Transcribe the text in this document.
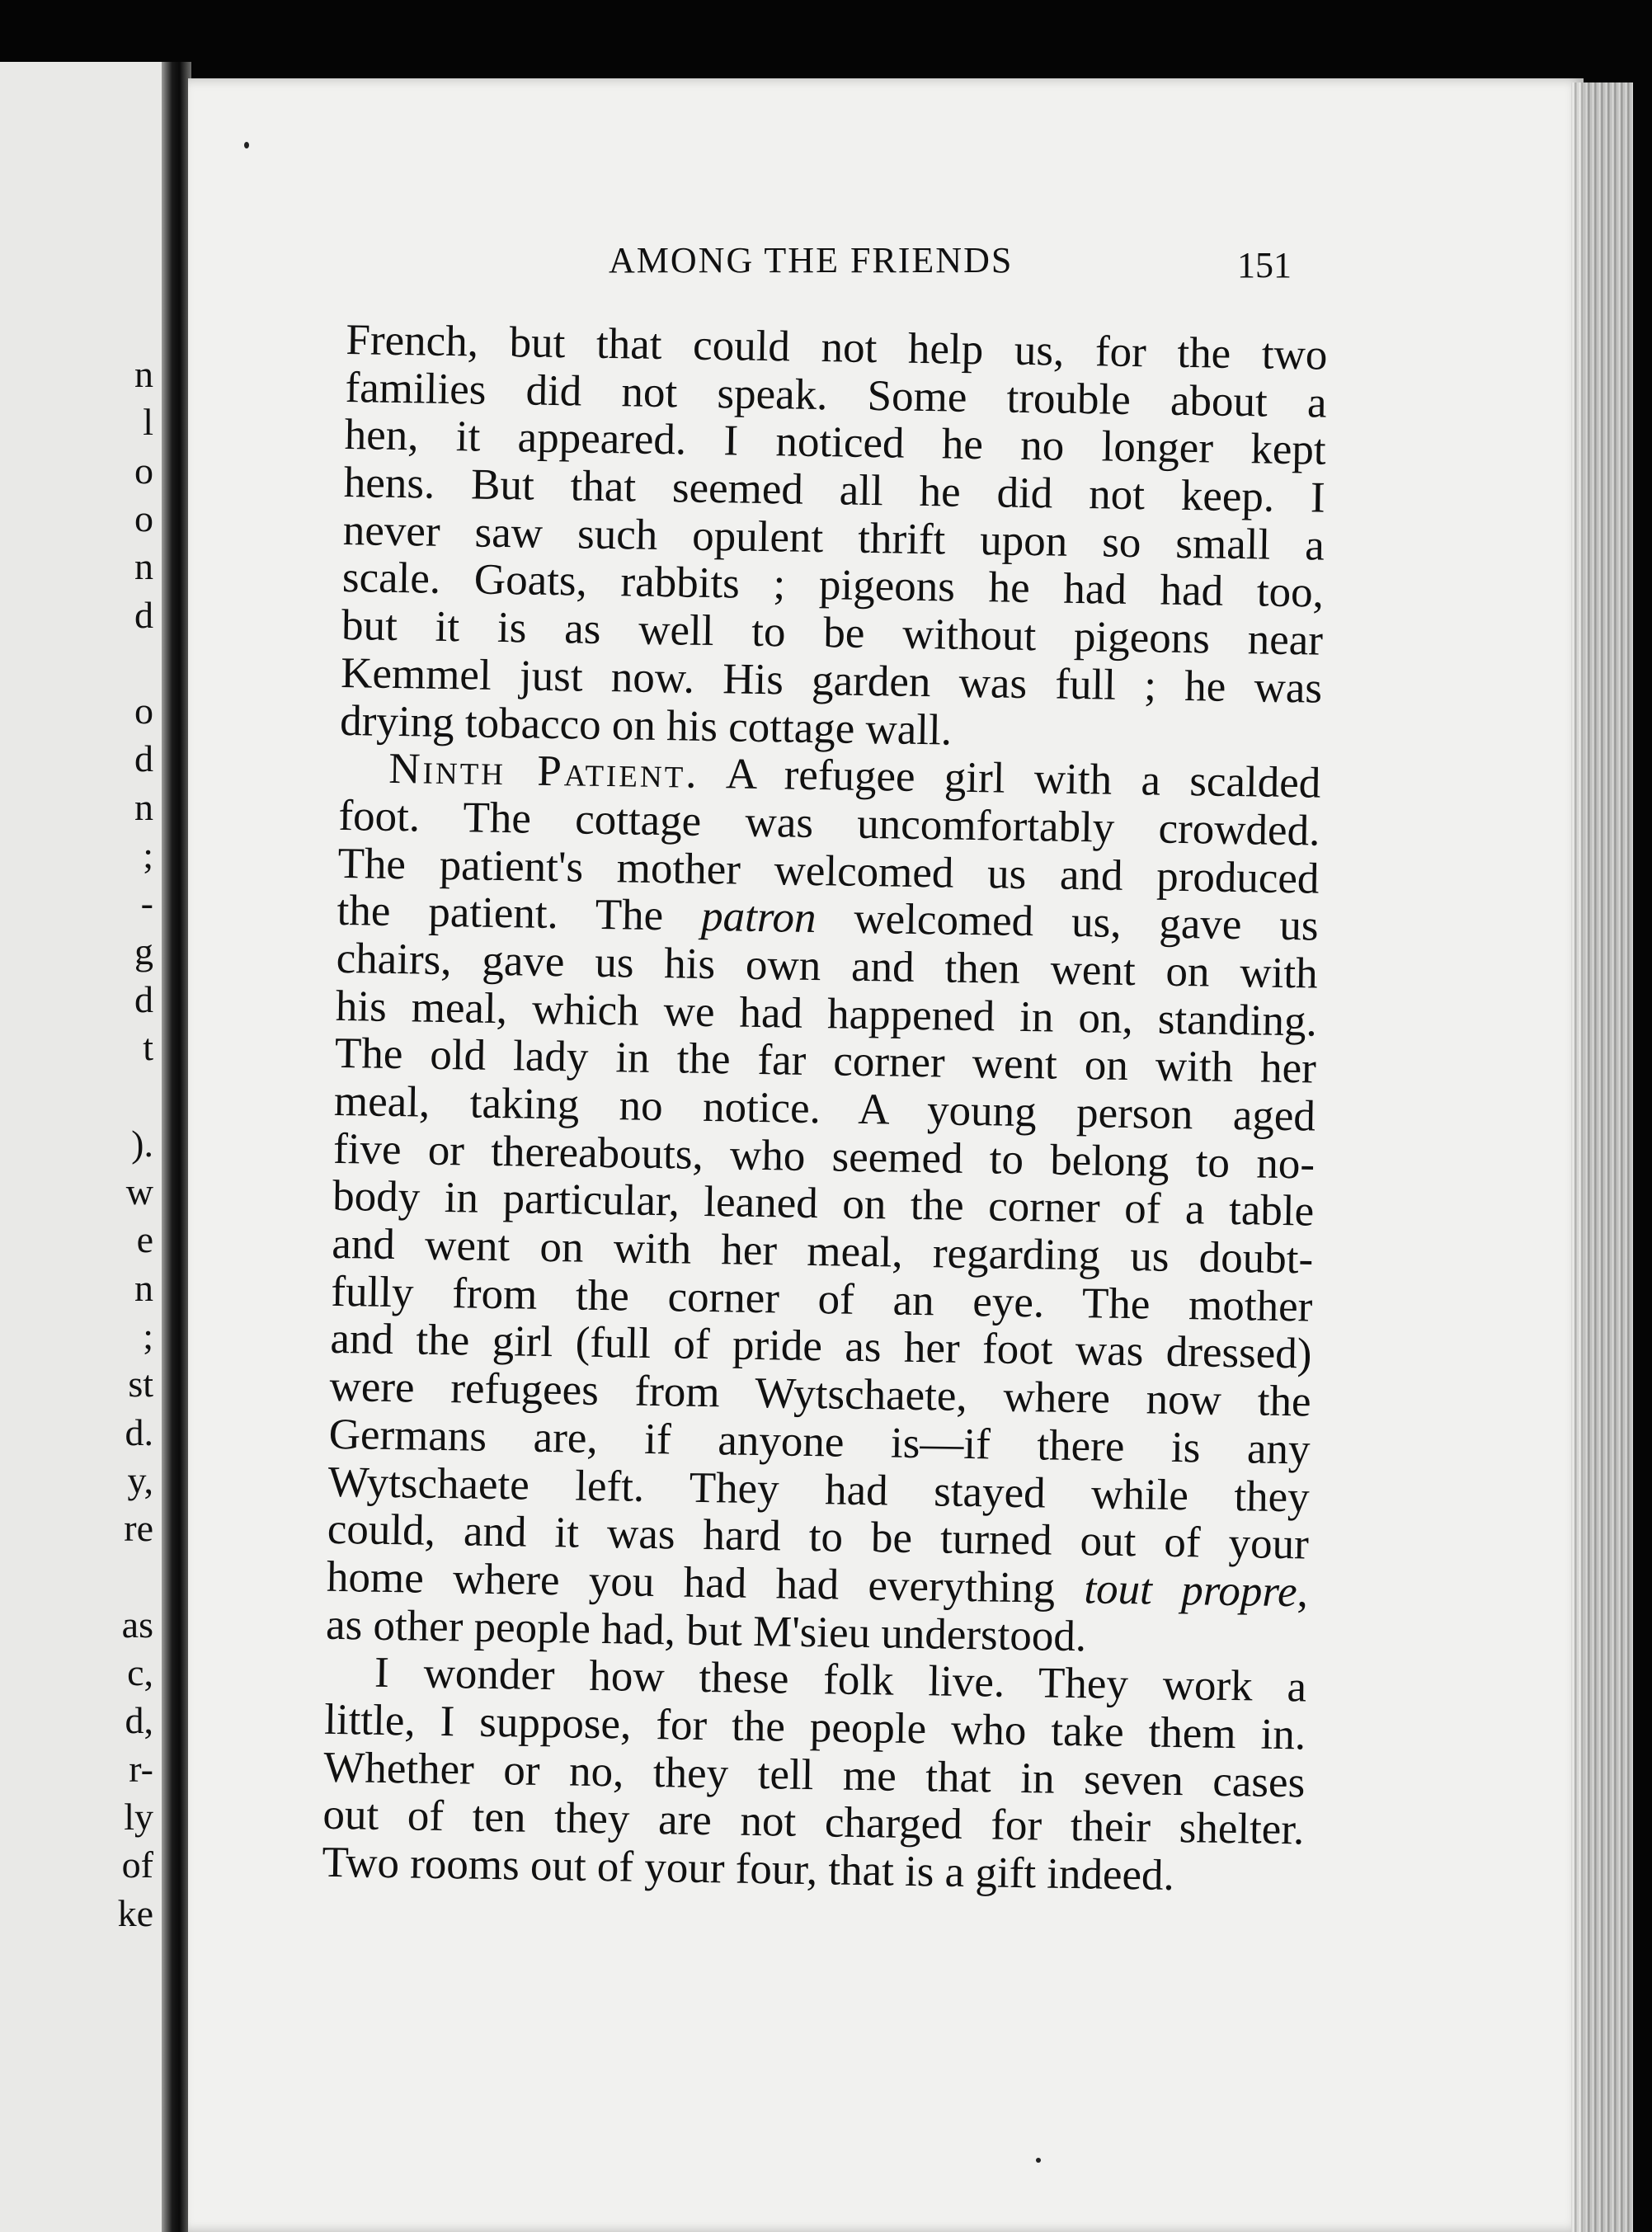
n
l
o
o
n
d
o
d
n
;
-
g
d
t
).
w
e
n
;
st
d.
y,
re
as
c,
d,
r-
ly
of
ke
AMONG THE FRIENDS	151
French, but that could not help us, for the two
families did not speak. Some trouble about a
hen, it appeared. I noticed he no longer kept
hens. But that seemed all he did not keep. I
never saw such opulent thrift upon so small a
scale. Goats, rabbits ; pigeons he had had too,
but it is as well to be without pigeons near
Kemmel just now. His garden was full ; he was
drying tobacco on his cottage wall.
Ninth Patient. A refugee girl with a scalded
foot. The cottage was uncomfortably crowded.
The patient's mother welcomed us and produced
the patient. The patron welcomed us, gave us
chairs, gave us his own and then went on with
his meal, which we had happened in on, standing.
The old lady in the far corner went on with her
meal, taking no notice. A young person aged
five or thereabouts, who seemed to belong to no-
body in particular, leaned on the corner of a table
and went on with her meal, regarding us doubt-
fully from the corner of an eye. The mother
and the girl (full of pride as her foot was dressed)
were refugees from Wytschaete, where now the
Germans are, if anyone is—if there is any
Wytschaete left. They had stayed while they
could, and it was hard to be turned out of your
home where you had had everything tout propre,
as other people had, but M'sieu understood.
I wonder how these folk live. They work a
little, I suppose, for the people who take them in.
Whether or no, they tell me that in seven cases
out of ten they are not charged for their shelter.
Two rooms out of your four, that is a gift indeed.
